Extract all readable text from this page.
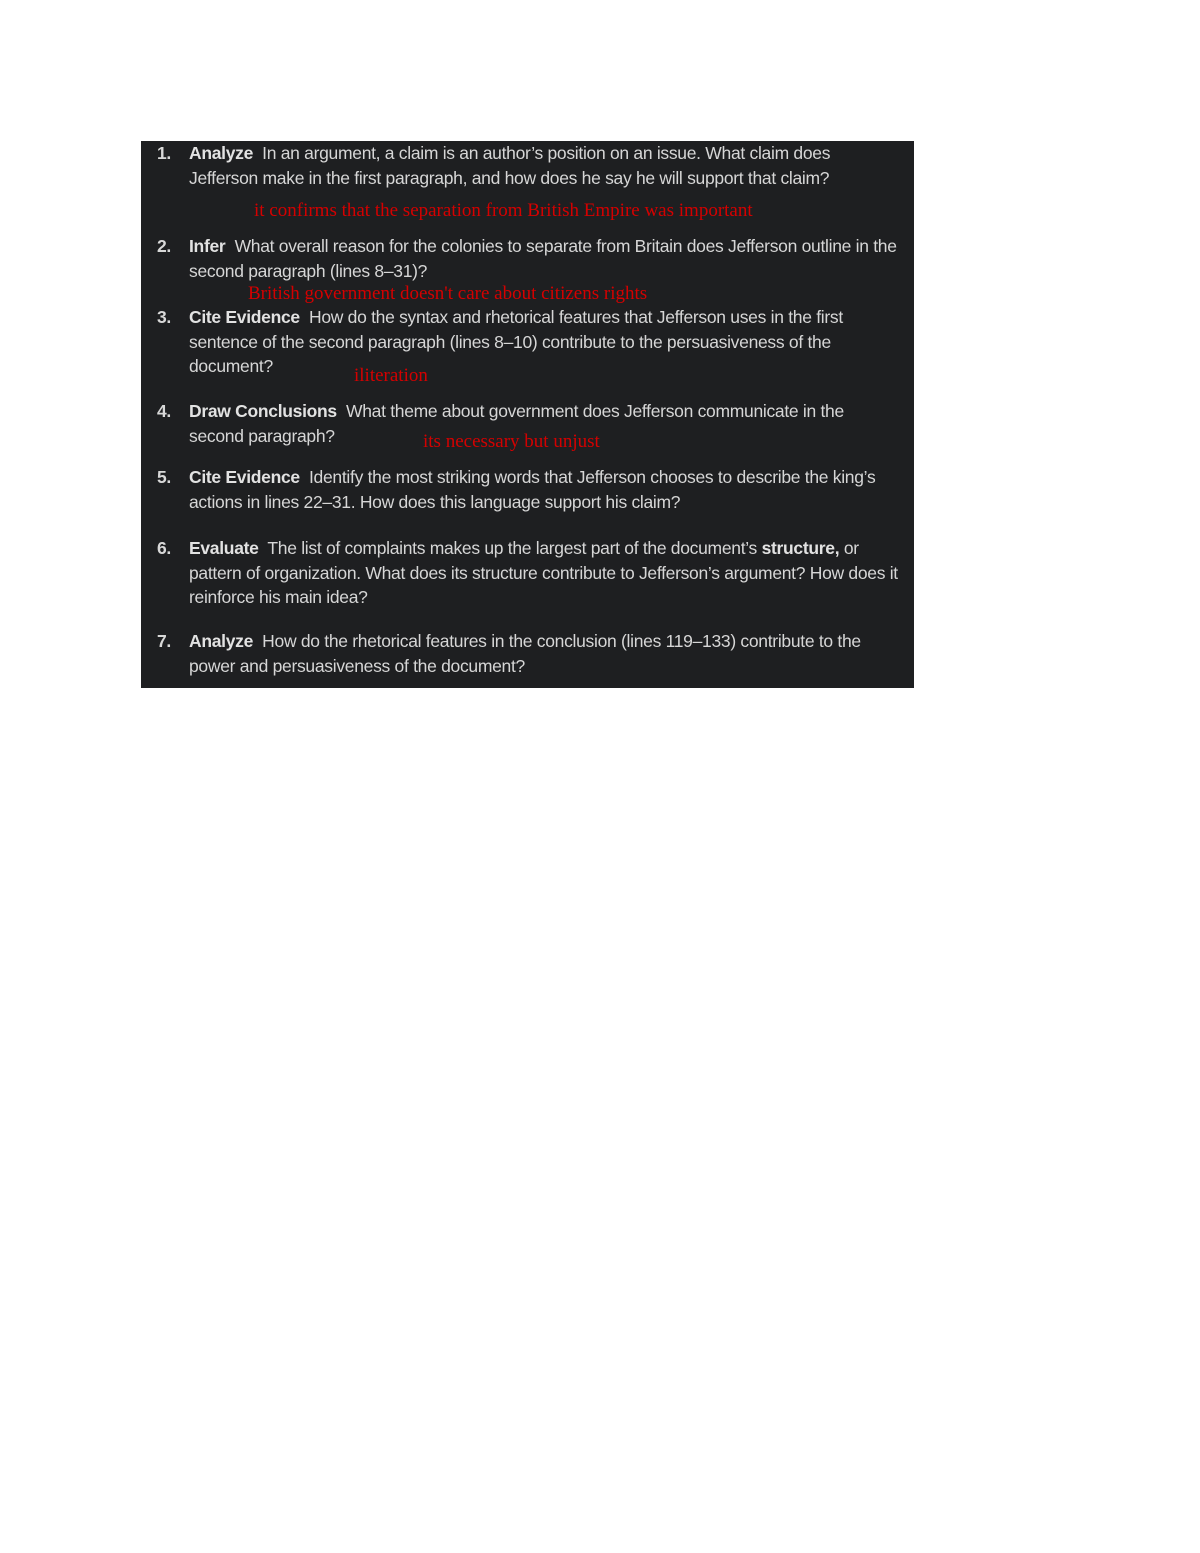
1. Analyze In an argument, a claim is an author’s position on an issue. What claim does Jefferson make in the first paragraph, and how does he say he will support that claim?
2. Infer What overall reason for the colonies to separate from Britain does Jefferson outline in the second paragraph (lines 8–31)?
3. Cite Evidence How do the syntax and rhetorical features that Jefferson uses in the first sentence of the second paragraph (lines 8–10) contribute to the persuasiveness of the document?
4. Draw Conclusions What theme about government does Jefferson communicate in the second paragraph?
5. Cite Evidence Identify the most striking words that Jefferson chooses to describe the king’s actions in lines 22–31. How does this language support his claim?
6. Evaluate The list of complaints makes up the largest part of the document’s structure, or pattern of organization. What does its structure contribute to Jefferson’s argument? How does it reinforce his main idea?
7. Analyze How do the rhetorical features in the conclusion (lines 119–133) contribute to the power and persuasiveness of the document?
it confirms that the separation from British Empire was important
British government doesn't care about citizens rights
iliteration
its necessary but unjust
